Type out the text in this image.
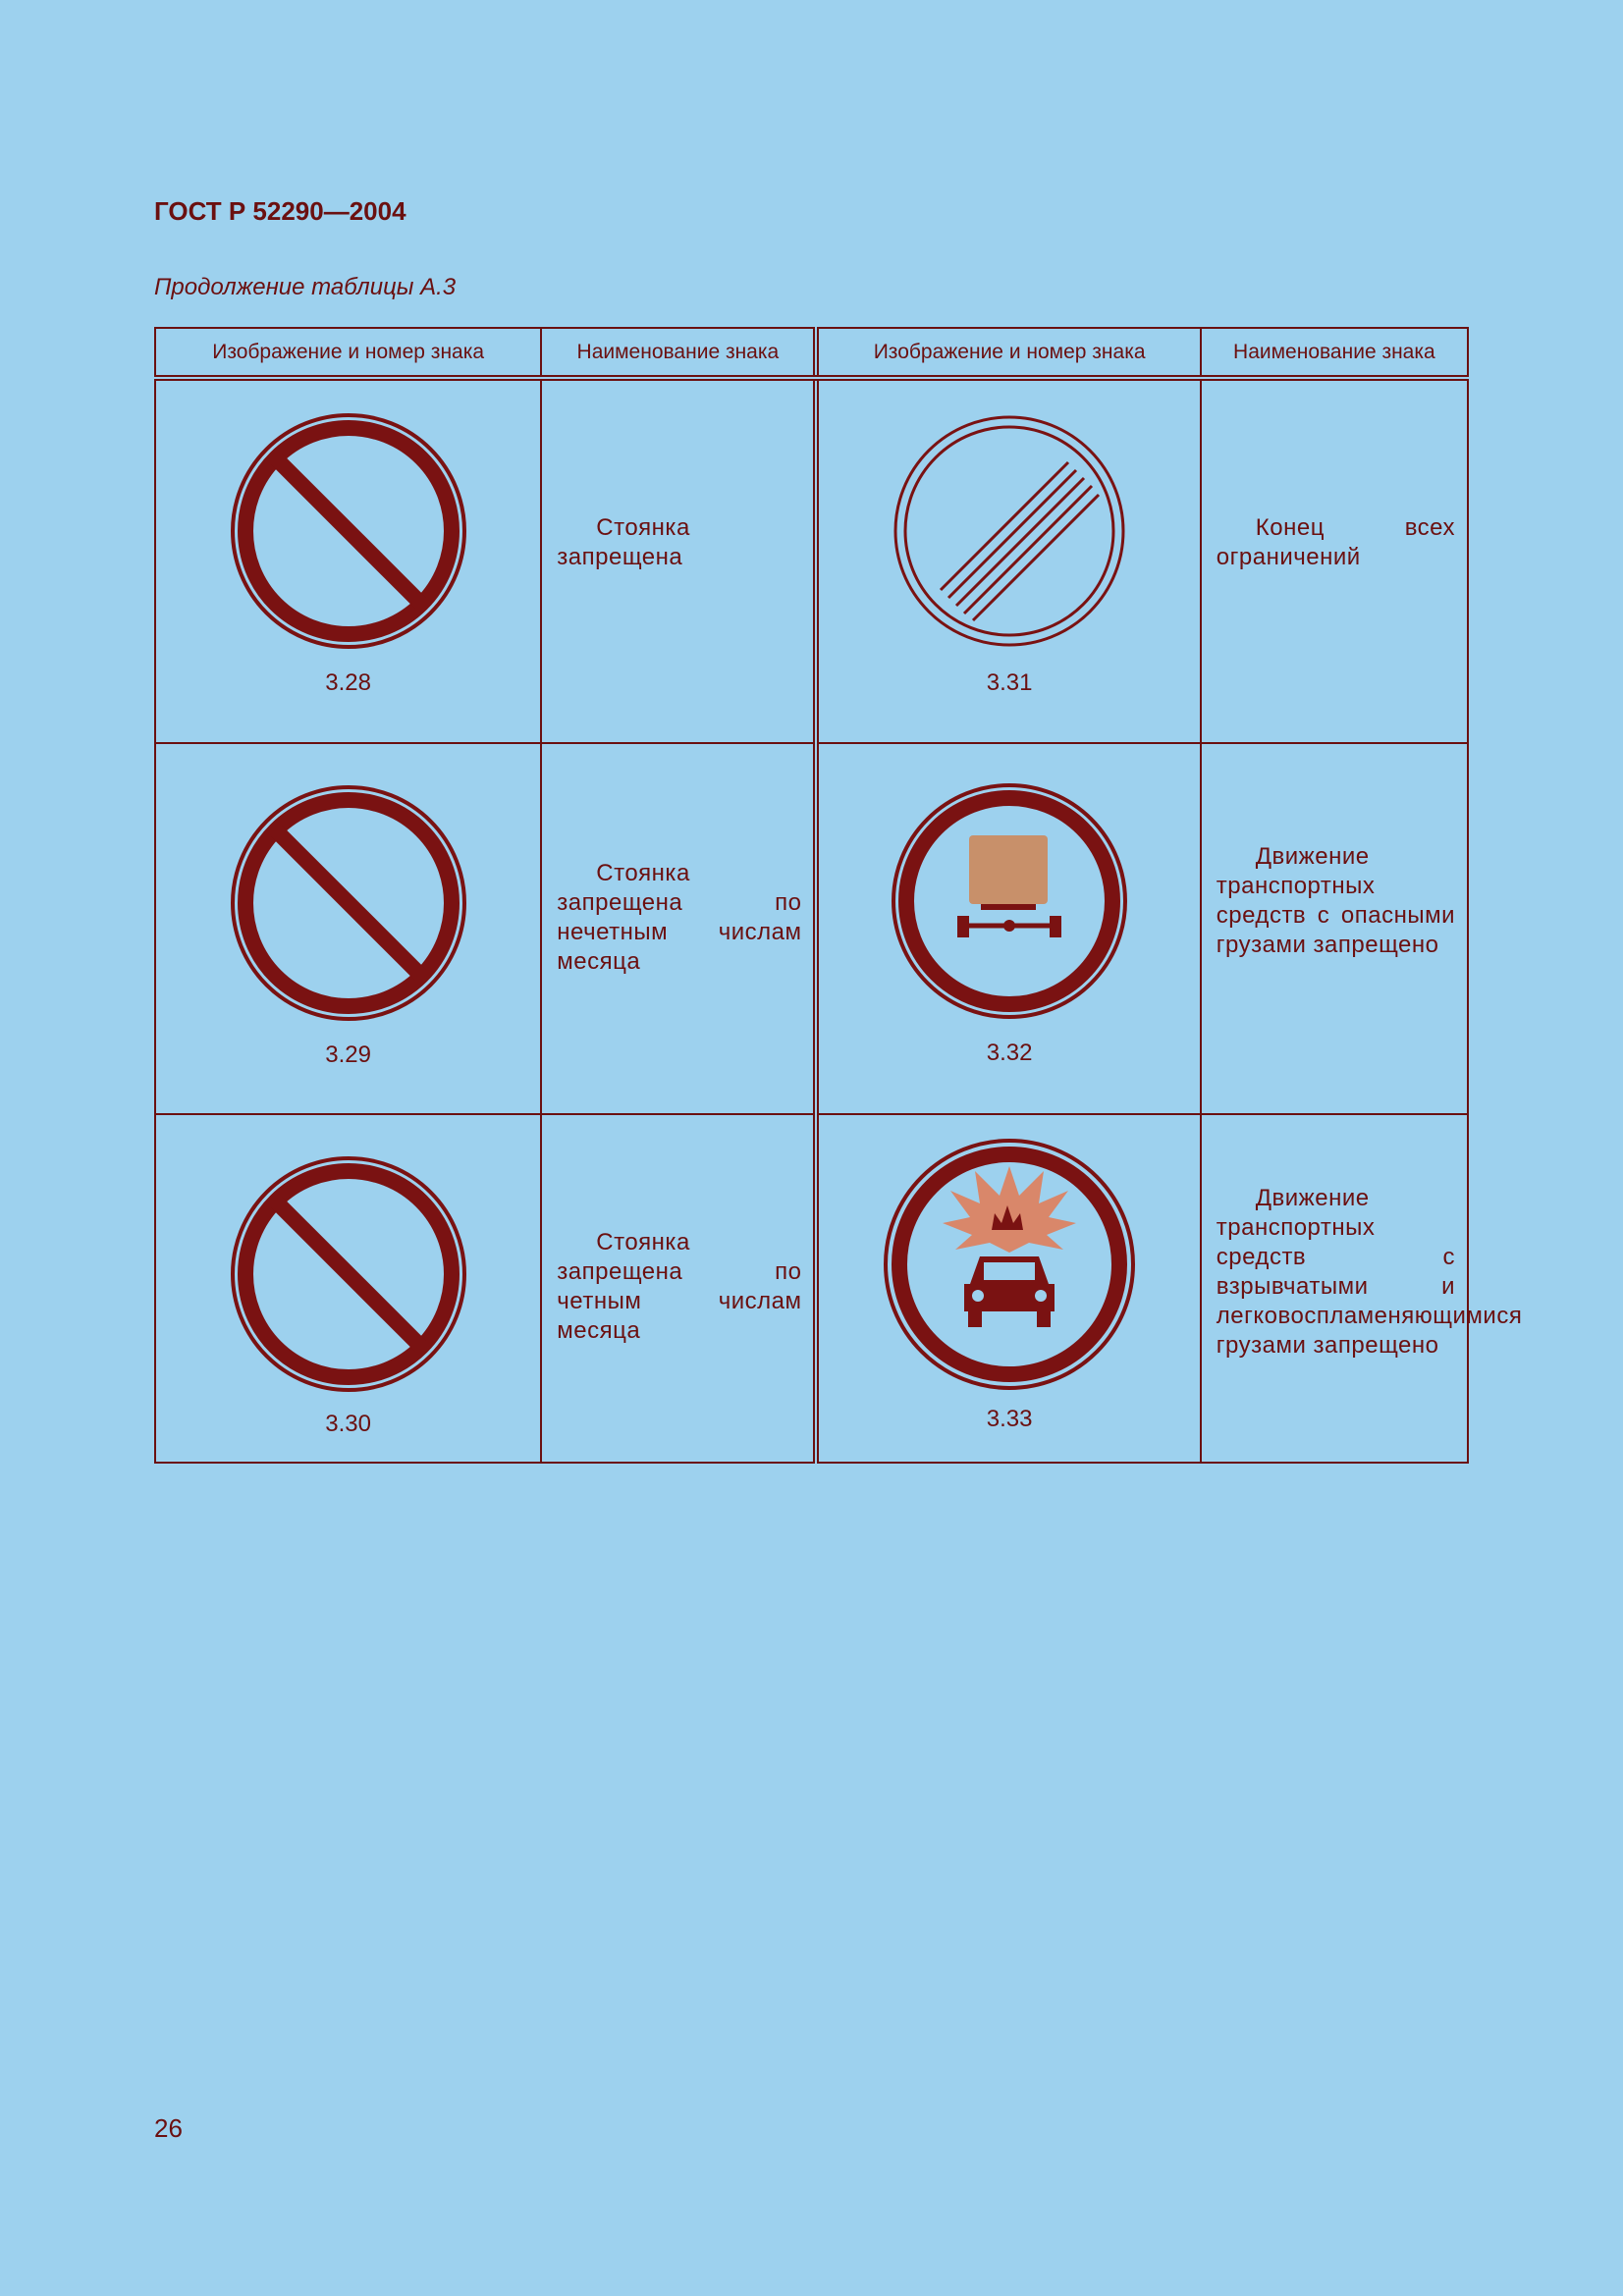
ГОСТ Р 52290—2004
Продолжение таблицы А.3
Изображение и номер знака	Наименование знака	Изображение и номер знака	Наименование знака

3.28	Стоянка запрещена	3.31	Конец всех ограничений

3.29	Стоянка запрещена по нечетным числам месяца	3.32	Движение транспортных средств с опасными грузами запрещено

3.30	Стоянка запрещена по четным числам месяца	3.33	Движение транспортных средств с взрывчатыми и легковоспламеняющимися грузами запрещено
26
